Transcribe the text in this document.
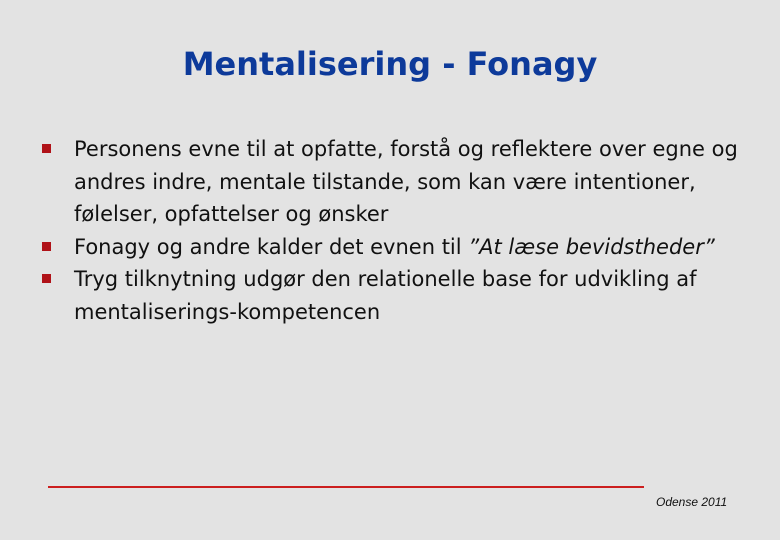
Mentalisering - Fonagy
Personens evne til at opfatte, forstå og reflektere over egne og andres indre, mentale tilstande, som kan være intentioner, følelser, opfattelser og ønsker
Fonagy og andre kalder det evnen til ”At læse bevidstheder”
Tryg tilknytning udgør den relationelle base for udvikling af mentaliserings-kompetencen
Odense 2011
